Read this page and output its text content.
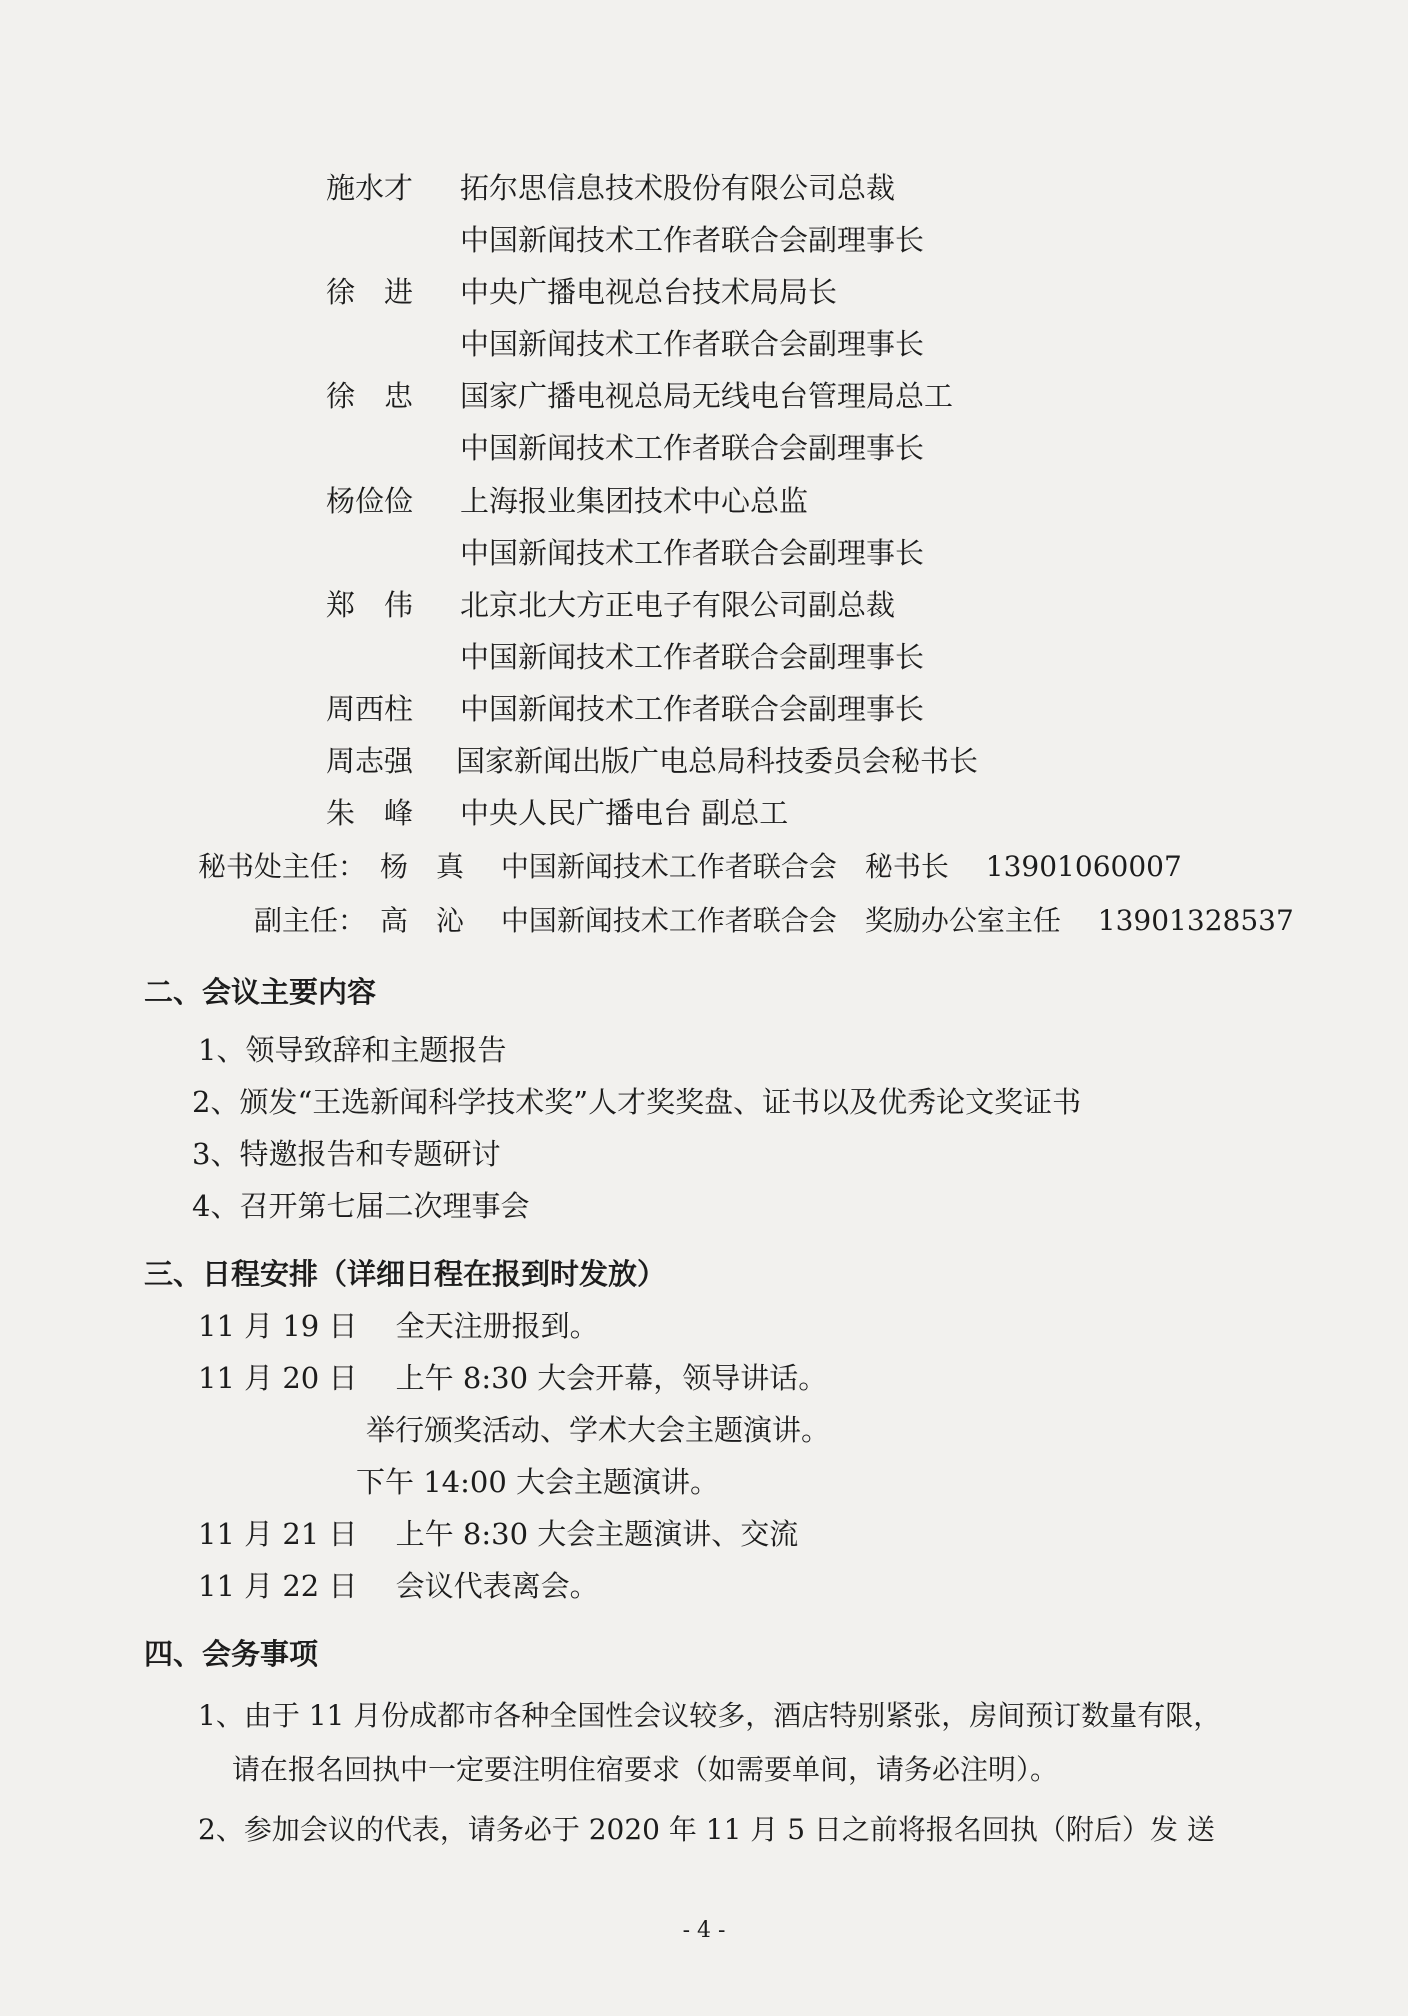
施水才 拓尔思信息技术股份有限公司总裁
中国新闻技术工作者联合会副理事长
徐　进 中央广播电视总台技术局局长
中国新闻技术工作者联合会副理事长
徐　忠 国家广播电视总局无线电台管理局总工
中国新闻技术工作者联合会副理事长
杨俭俭 上海报业集团技术中心总监
中国新闻技术工作者联合会副理事长
郑　伟 北京北大方正电子有限公司副总裁
中国新闻技术工作者联合会副理事长
周西柱 中国新闻技术工作者联合会副理事长
周志强 国家新闻出版广电总局科技委员会秘书长
朱　峰 中央人民广播电台 副总工
秘书处主任：　杨　真　 中国新闻技术工作者联合会　秘书长　 13901060007
副主任：　高　沁　 中国新闻技术工作者联合会　奖励办公室主任　 13901328537
二、会议主要内容
1、领导致辞和主题报告
2、颁发“王选新闻科学技术奖”人才奖奖盘、证书以及优秀论文奖证书
3、特邀报告和专题研讨
4、召开第七届二次理事会
三、日程安排（详细日程在报到时发放）
11 月 19 日　 全天注册报到。
11 月 20 日　 上午 8:30 大会开幕，领导讲话。
举行颁奖活动、学术大会主题演讲。
下午 14:00 大会主题演讲。
11 月 21 日　 上午 8:30 大会主题演讲、交流
11 月 22 日　 会议代表离会。
四、会务事项
1、由于 11 月份成都市各种全国性会议较多，酒店特别紧张，房间预订数量有限，
请在报名回执中一定要注明住宿要求（如需要单间，请务必注明）。
2、参加会议的代表，请务必于 2020 年 11 月 5 日之前将报名回执（附后）发 送
- 4 -
